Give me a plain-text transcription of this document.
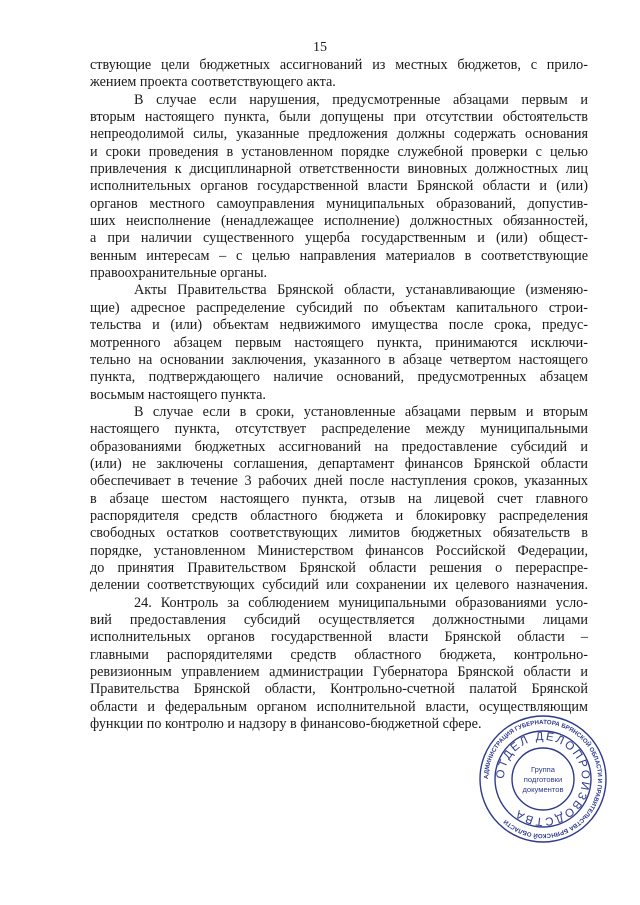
15
ствующие цели бюджетных ассигнований из местных бюджетов, с прило-
жением проекта соответствующего акта.
В случае если нарушения, предусмотренные абзацами первым и
вторым настоящего пункта, были допущены при отсутствии обстоятельств
непреодолимой силы, указанные предложения должны содержать основания
и сроки проведения в установленном порядке служебной проверки с целью
привлечения к дисциплинарной ответственности виновных должностных лиц
исполнительных органов государственной власти Брянской области и (или)
органов местного самоуправления муниципальных образований, допустив-
ших неисполнение (ненадлежащее исполнение) должностных обязанностей,
а при наличии существенного ущерба государственным и (или) общест-
венным интересам – с целью направления материалов в соответствующие
правоохранительные органы.
Акты Правительства Брянской области, устанавливающие (изменяю-
щие) адресное распределение субсидий по объектам капитального строи-
тельства и (или) объектам недвижимого имущества после срока, предус-
мотренного абзацем первым настоящего пункта, принимаются исключи-
тельно на основании заключения, указанного в абзаце четвертом настоящего
пункта, подтверждающего наличие оснований, предусмотренных абзацем
восьмым настоящего пункта.
В случае если в сроки, установленные абзацами первым и вторым
настоящего пункта, отсутствует распределение между муниципальными
образованиями бюджетных ассигнований на предоставление субсидий и
(или) не заключены соглашения, департамент финансов Брянской области
обеспечивает в течение 3 рабочих дней после наступления сроков, указанных
в абзаце шестом настоящего пункта, отзыв на лицевой счет главного
распорядителя средств областного бюджета и блокировку распределения
свободных остатков соответствующих лимитов бюджетных обязательств в
порядке, установленном Министерством финансов Российской Федерации,
до принятия Правительством Брянской области решения о перераспре-
делении соответствующих субсидий или сохранении их целевого назначения.
24. Контроль за соблюдением муниципальными образованиями усло-
вий предоставления субсидий осуществляется должностными лицами
исполнительных органов государственной власти Брянской области –
главными распорядителями средств областного бюджета, контрольно-
ревизионным управлением администрации Губернатора Брянской области и
Правительства Брянской области, Контрольно-счетной палатой Брянской
области и федеральным органом исполнительной власти, осуществляющим
функции по контролю и надзору в финансово-бюджетной сфере.
АДМИНИСТРАЦИЯ ГУБЕРНАТОРА БРЯНСКОЙ ОБЛАСТИ И ПРАВИТЕЛЬСТВА БРЯНСКОЙ ОБЛАСТИ
ОТДЕЛ ДЕЛОПРОИЗВОДСТВА
Группа
подготовки
документов
